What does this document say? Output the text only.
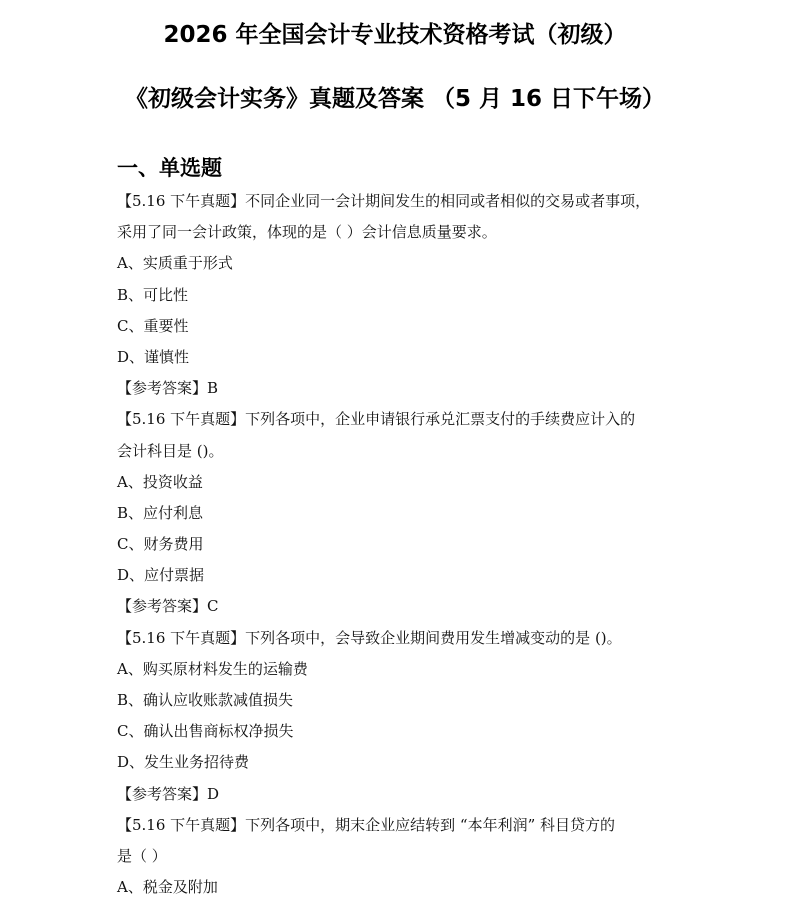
2026 年全国会计专业技术资格考试（初级）
《初级会计实务》真题及答案 （5 月 16 日下午场）
一、单选题
【5.16 下午真题】不同企业同一会计期间发生的相同或者相似的交易或者事项，
采用了同一会计政策，体现的是（ ）会计信息质量要求。
A、实质重于形式
B、可比性
C、重要性
D、谨慎性
【参考答案】B
【5.16 下午真题】下列各项中，企业申请银行承兑汇票支付的手续费应计入的
会计科目是 ()。
A、投资收益
B、应付利息
C、财务费用
D、应付票据
【参考答案】C
【5.16 下午真题】下列各项中，会导致企业期间费用发生增减变动的是 ()。
A、购买原材料发生的运输费
B、确认应收账款减值损失
C、确认出售商标权净损失
D、发生业务招待费
【参考答案】D
【5.16 下午真题】下列各项中，期末企业应结转到 “本年利润” 科目贷方的
是（ ）
A、税金及附加
